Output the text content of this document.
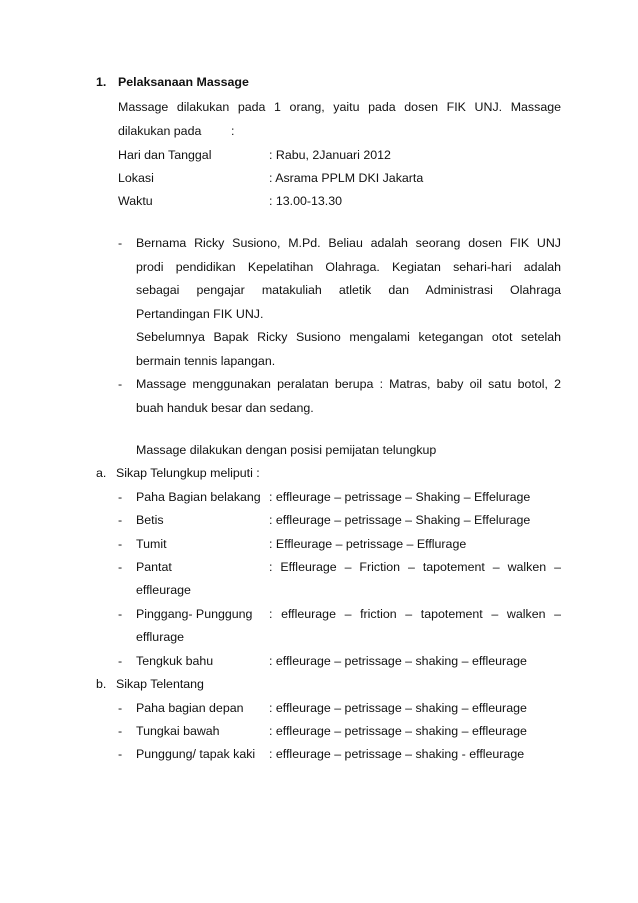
1. Pelaksanaan Massage
Massage dilakukan pada 1 orang, yaitu pada dosen FIK UNJ. Massage
dilakukan pada :
Hari dan Tanggal	: Rabu, 2Januari 2012
Lokasi	: Asrama PPLM DKI Jakarta
Waktu	: 13.00-13.30
- Bernama Ricky Susiono, M.Pd. Beliau adalah seorang dosen FIK UNJ
prodi pendidikan Kepelatihan Olahraga. Kegiatan sehari-hari adalah
sebagai pengajar matakuliah atletik dan Administrasi Olahraga
Pertandingan FIK UNJ.
Sebelumnya Bapak Ricky Susiono mengalami ketegangan otot setelah
bermain tennis lapangan.
- Massage menggunakan peralatan berupa : Matras, baby oil satu botol, 2
buah handuk besar dan sedang.
Massage dilakukan dengan posisi pemijatan telungkup
a. Sikap Telungkup meliputi :
- Paha Bagian belakang : effleurage – petrissage – Shaking – Effelurage
- Betis	: effleurage – petrissage – Shaking – Effelurage
- Tumit	: Effleurage – petrissage – Efflurage
- Pantat	: Effleurage – Friction – tapotement – walken –
effleurage
- Pinggang- Punggung : effleurage – friction – tapotement – walken –
efflurage
- Tengkuk bahu	: effleurage – petrissage – shaking – effleurage
b. Sikap Telentang
- Paha bagian depan : effleurage – petrissage – shaking – effleurage
- Tungkai bawah	: effleurage – petrissage – shaking – effleurage
- Punggung/ tapak kaki : effleurage – petrissage – shaking - effleurage
